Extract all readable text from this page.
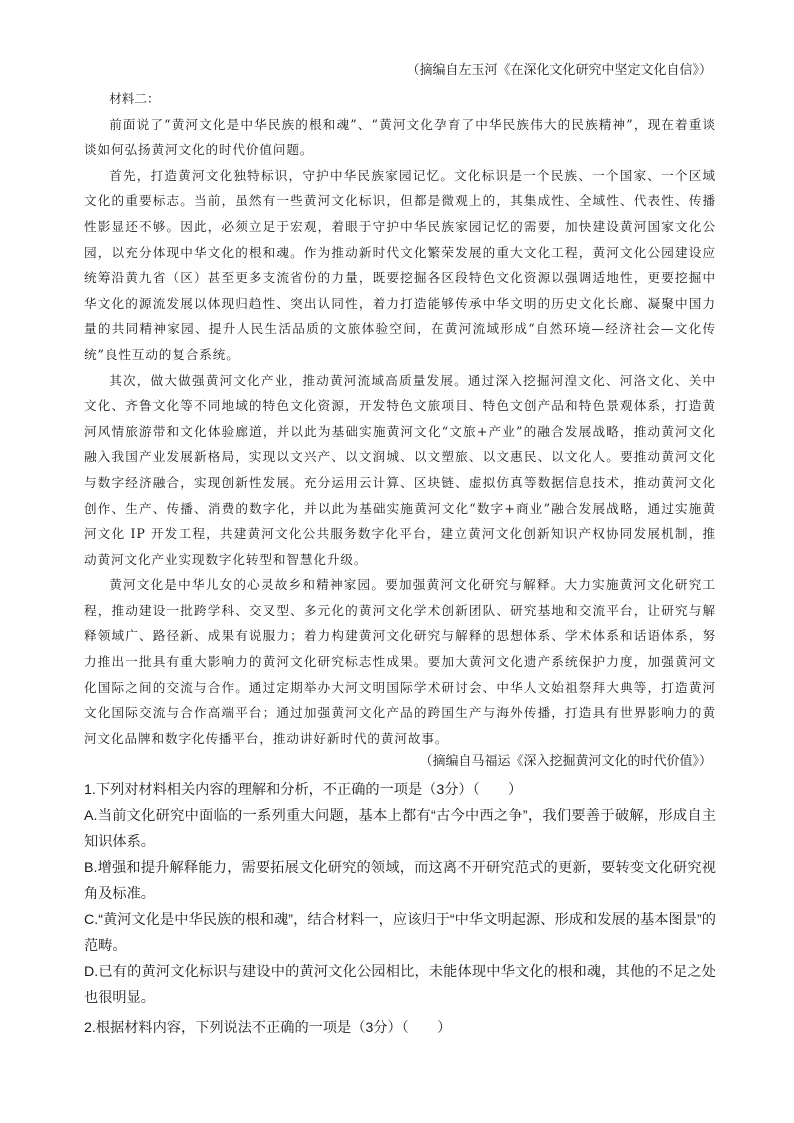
（摘编自左玉河《在深化文化研究中坚定文化自信》）

材料二：

前面说了“黄河文化是中华民族的根和魂”、“黄河文化孕育了中华民族伟大的民族精神”，现在着重谈谈如何弘扬黄河文化的时代价值问题。

首先，打造黄河文化独特标识，守护中华民族家园记忆。文化标识是一个民族、一个国家、一个区域文化的重要标志。当前，虽然有一些黄河文化标识，但都是微观上的，其集成性、全域性、代表性、传播性影显还不够。因此，必须立足于宏观，着眼于守护中华民族家园记忆的需要，加快建设黄河国家文化公园，以充分体现中华文化的根和魂。作为推动新时代文化繁荣发展的重大文化工程，黄河文化公园建设应统筹沿黄九省（区）甚至更多支流省份的力量，既要挖掘各区段特色文化资源以强调适地性，更要挖掘中华文化的源流发展以体现归趋性、突出认同性，着力打造能够传承中华文明的历史文化长廊、凝聚中国力量的共同精神家园、提升人民生活品质的文旅体验空间，在黄河流域形成“自然环境—经济社会—文化传统”良性互动的复合系统。

其次，做大做强黄河文化产业，推动黄河流域高质量发展。通过深入挖掘河湟文化、河洛文化、关中文化、齐鲁文化等不同地域的特色文化资源，开发特色文旅项目、特色文创产品和特色景观体系，打造黄河风情旅游带和文化体验廊道，并以此为基础实施黄河文化“文旅+产业”的融合发展战略，推动黄河文化融入我国产业发展新格局，实现以文兴产、以文润城、以文塑旅、以文惠民、以文化人。要推动黄河文化与数字经济融合，实现创新性发展。充分运用云计算、区块链、虚拟仿真等数据信息技术，推动黄河文化创作、生产、传播、消费的数字化，并以此为基础实施黄河文化“数字+商业”融合发展战略，通过实施黄河文化 IP 开发工程，共建黄河文化公共服务数字化平台，建立黄河文化创新知识产权协同发展机制，推动黄河文化产业实现数字化转型和智慧化升级。

黄河文化是中华儿女的心灵故乡和精神家园。要加强黄河文化研究与解释。大力实施黄河文化研究工程，推动建设一批跨学科、交叉型、多元化的黄河文化学术创新团队、研究基地和交流平台，让研究与解释领域广、路径新、成果有说服力；着力构建黄河文化研究与解释的思想体系、学术体系和话语体系，努力推出一批具有重大影响力的黄河文化研究标志性成果。要加大黄河文化遗产系统保护力度，加强黄河文化国际之间的交流与合作。通过定期举办大河文明国际学术研讨会、中华人文始祖祭拜大典等，打造黄河文化国际交流与合作高端平台；通过加强黄河文化产品的跨国生产与海外传播，打造具有世界影响力的黄河文化品牌和数字化传播平台，推动讲好新时代的黄河故事。

（摘编自马福运《深入挖掘黄河文化的时代价值》）

1.下列对材料相关内容的理解和分析，不正确的一项是（3分）（　　）

A.当前文化研究中面临的一系列重大问题，基本上都有“古今中西之争”，我们要善于破解，形成自主知识体系。

B.增强和提升解释能力，需要拓展文化研究的领域，而这离不开研究范式的更新，要转变文化研究视角及标准。

C.“黄河文化是中华民族的根和魂”，结合材料一，应该归于“中华文明起源、形成和发展的基本图景”的范畴。

D.已有的黄河文化标识与建设中的黄河文化公园相比，未能体现中华文化的根和魂，其他的不足之处也很明显。

2.根据材料内容，下列说法不正确的一项是（3分）（　　）
